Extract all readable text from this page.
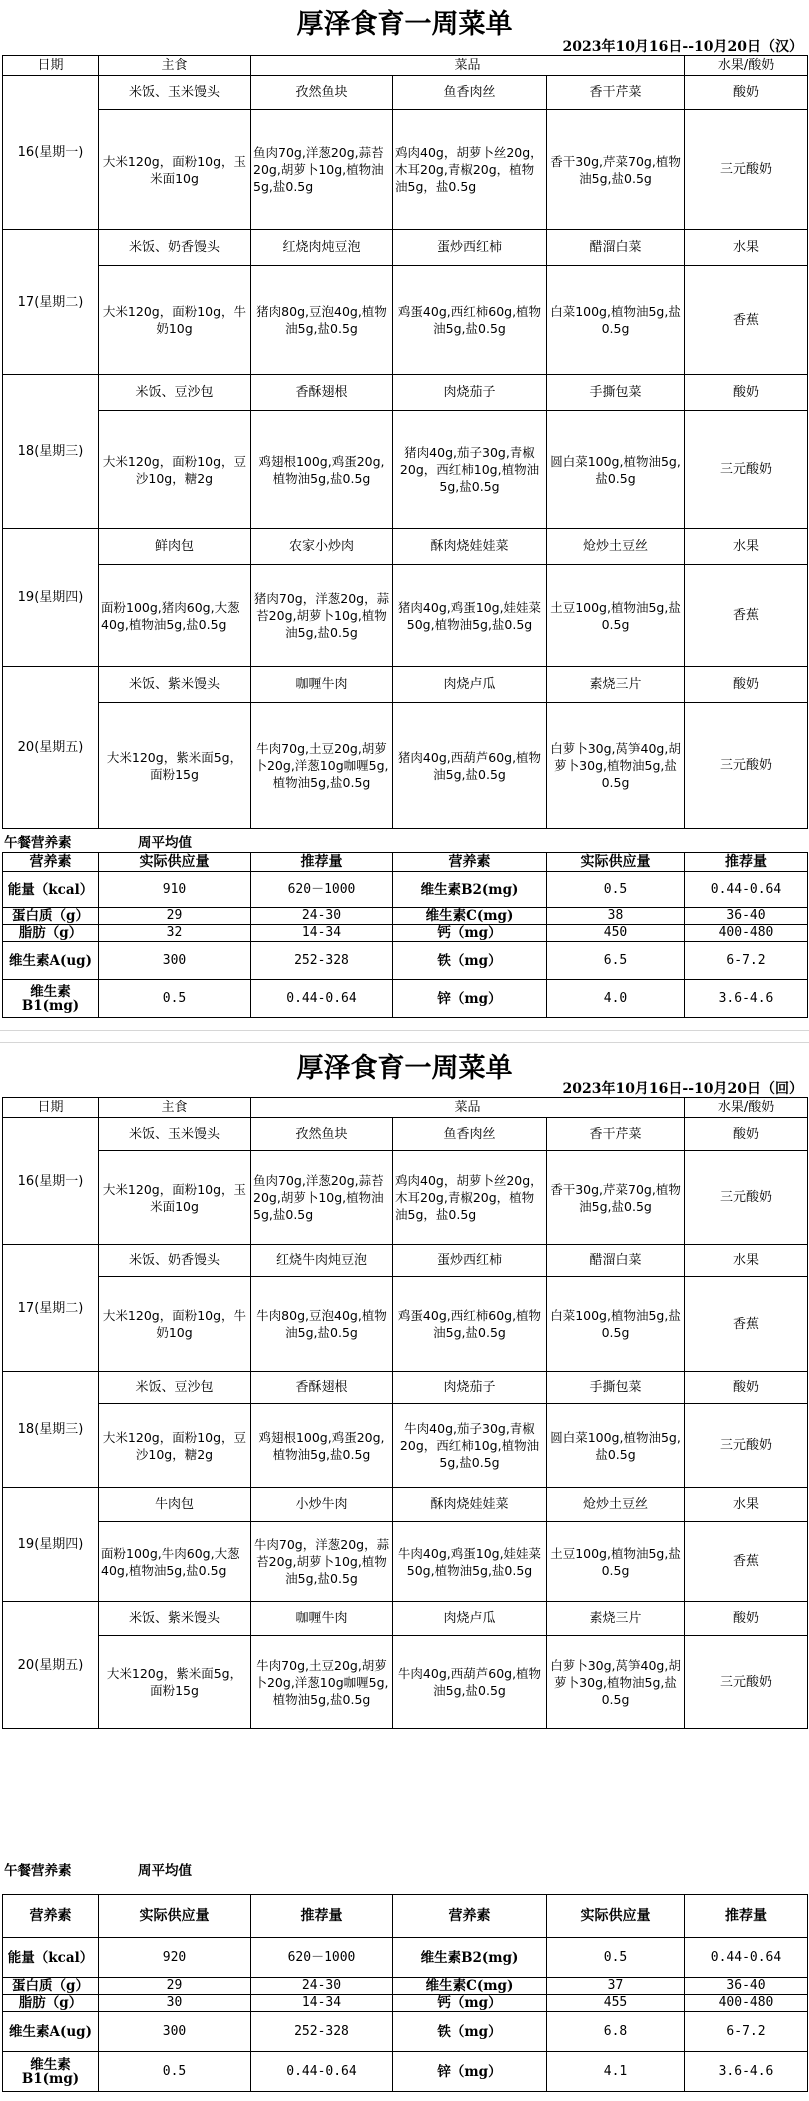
厚泽食育一周菜单
2023年10月16日--10月20日（汉）
日期	主食	菜品			水果/酸奶
16(星期一)	米饭、玉米馒头	孜然鱼块	鱼香肉丝	香干芹菜	酸奶
	大米120g，面粉10g，玉米面10g	鱼肉70g,洋葱20g,蒜苔20g,胡萝卜10g,植物油5g,盐0.5g	鸡肉40g，胡萝卜丝20g，木耳20g,青椒20g，植物油5g，盐0.5g	香干30g,芹菜70g,植物油5g,盐0.5g	三元酸奶
17(星期二)	米饭、奶香馒头	红烧肉炖豆泡	蛋炒西红柿	醋溜白菜	水果
	大米120g，面粉10g，牛奶10g	猪肉80g,豆泡40g,植物油5g,盐0.5g	鸡蛋40g,西红柿60g,植物油5g,盐0.5g	白菜100g,植物油5g,盐0.5g	香蕉
18(星期三)	米饭、豆沙包	香酥翅根	肉烧茄子	手撕包菜	酸奶
	大米120g，面粉10g，豆沙10g，糖2g	鸡翅根100g,鸡蛋20g,植物油5g,盐0.5g	猪肉40g,茄子30g,青椒20g，西红柿10g,植物油5g,盐0.5g	圆白菜100g,植物油5g,盐0.5g	三元酸奶
19(星期四)	鲜肉包	农家小炒肉	酥肉烧娃娃菜	炝炒土豆丝	水果
	面粉100g,猪肉60g,大葱40g,植物油5g,盐0.5g	猪肉70g，洋葱20g，蒜苔20g,胡萝卜10g,植物油5g,盐0.5g	猪肉40g,鸡蛋10g,娃娃菜50g,植物油5g,盐0.5g	土豆100g,植物油5g,盐0.5g	香蕉
20(星期五)	米饭、紫米馒头	咖喱牛肉	肉烧卢瓜	素烧三片	酸奶
	大米120g，紫米面5g，面粉15g	牛肉70g,土豆20g,胡萝卜20g,洋葱10g咖喱5g,植物油5g,盐0.5g	猪肉40g,西葫芦60g,植物油5g,盐0.5g	白萝卜30g,莴笋40g,胡萝卜30g,植物油5g,盐0.5g	三元酸奶
午餐营养素	周平均值
营养素	实际供应量	推荐量	营养素	实际供应量	推荐量
能量（kcal）	910	620－1000	维生素B2(mg)	0.5	0.44-0.64
蛋白质（g）	29	24-30	维生素C(mg)	38	36-40
脂肪（g）	32	14-34	钙（mg）	450	400-480
维生素A(ug)	300	252-328	铁（mg）	6.5	6-7.2
维生素B1(mg)	0.5	0.44-0.64	锌（mg）	4.0	3.6-4.6
厚泽食育一周菜单
2023年10月16日--10月20日（回）
日期	主食	菜品			水果/酸奶
16(星期一)	米饭、玉米馒头	孜然鱼块	鱼香肉丝	香干芹菜	酸奶
	大米120g，面粉10g，玉米面10g	鱼肉70g,洋葱20g,蒜苔20g,胡萝卜10g,植物油5g,盐0.5g	鸡肉40g，胡萝卜丝20g，木耳20g,青椒20g，植物油5g，盐0.5g	香干30g,芹菜70g,植物油5g,盐0.5g	三元酸奶
17(星期二)	米饭、奶香馒头	红烧牛肉炖豆泡	蛋炒西红柿	醋溜白菜	水果
	大米120g，面粉10g，牛奶10g	牛肉80g,豆泡40g,植物油5g,盐0.5g	鸡蛋40g,西红柿60g,植物油5g,盐0.5g	白菜100g,植物油5g,盐0.5g	香蕉
18(星期三)	米饭、豆沙包	香酥翅根	肉烧茄子	手撕包菜	酸奶
	大米120g，面粉10g，豆沙10g，糖2g	鸡翅根100g,鸡蛋20g,植物油5g,盐0.5g	牛肉40g,茄子30g,青椒20g，西红柿10g,植物油5g,盐0.5g	圆白菜100g,植物油5g,盐0.5g	三元酸奶
19(星期四)	牛肉包	小炒牛肉	酥肉烧娃娃菜	炝炒土豆丝	水果
	面粉100g,牛肉60g,大葱40g,植物油5g,盐0.5g	牛肉70g，洋葱20g，蒜苔20g,胡萝卜10g,植物油5g,盐0.5g	牛肉40g,鸡蛋10g,娃娃菜50g,植物油5g,盐0.5g	土豆100g,植物油5g,盐0.5g	香蕉
20(星期五)	米饭、紫米馒头	咖喱牛肉	肉烧卢瓜	素烧三片	酸奶
	大米120g，紫米面5g，面粉15g	牛肉70g,土豆20g,胡萝卜20g,洋葱10g咖喱5g,植物油5g,盐0.5g	牛肉40g,西葫芦60g,植物油5g,盐0.5g	白萝卜30g,莴笋40g,胡萝卜30g,植物油5g,盐0.5g	三元酸奶
午餐营养素	周平均值
营养素	实际供应量	推荐量	营养素	实际供应量	推荐量
能量（kcal）	920	620－1000	维生素B2(mg)	0.5	0.44-0.64
蛋白质（g）	29	24-30	维生素C(mg)	37	36-40
脂肪（g）	30	14-34	钙（mg）	455	400-480
维生素A(ug)	300	252-328	铁（mg）	6.8	6-7.2
维生素B1(mg)	0.5	0.44-0.64	锌（mg）	4.1	3.6-4.6
